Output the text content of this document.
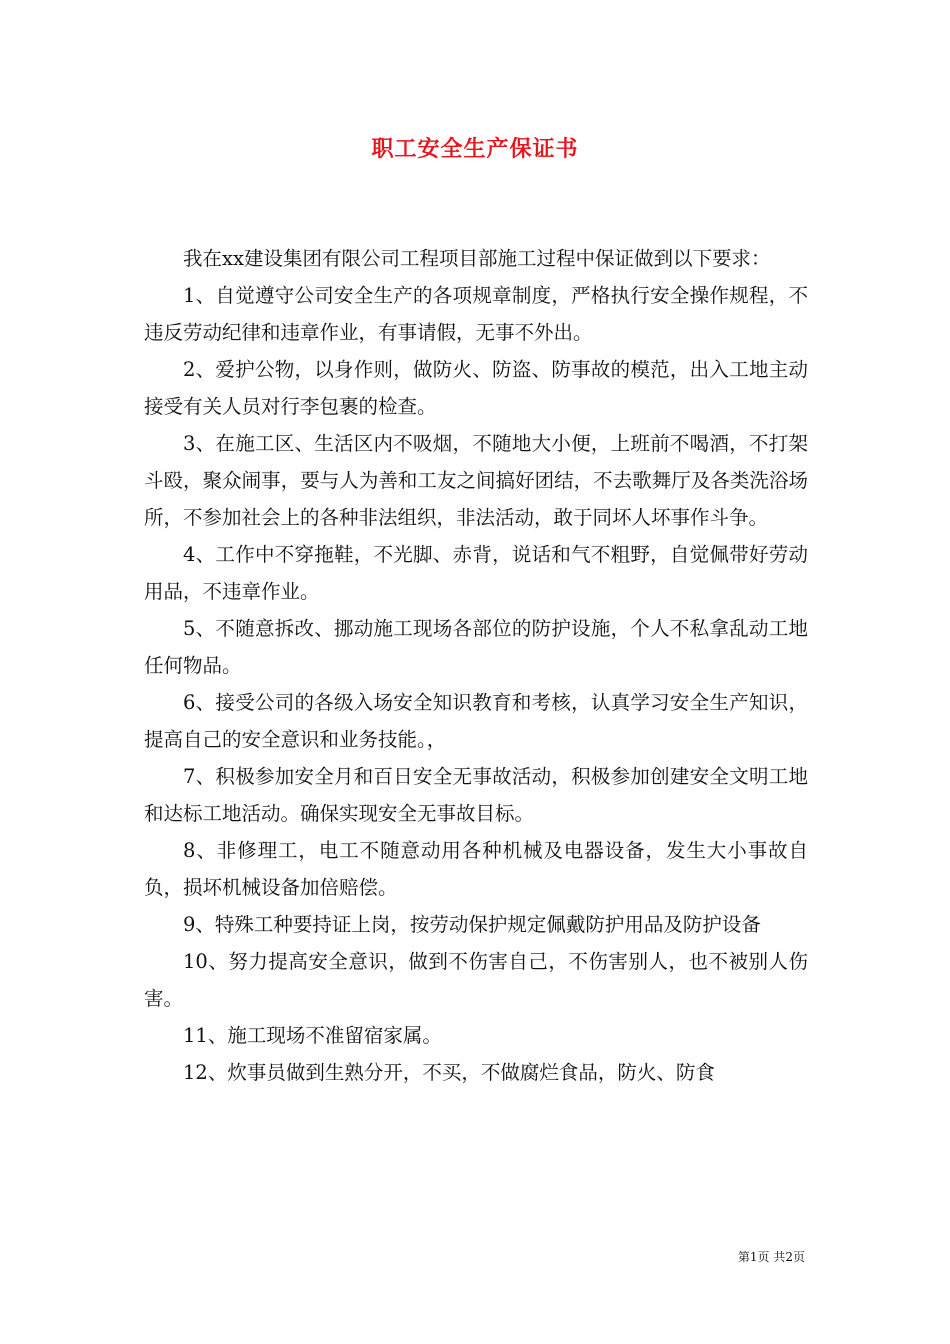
职工安全生产保证书

我在xx建设集团有限公司工程项目部施工过程中保证做到以下要求：

1、自觉遵守公司安全生产的各项规章制度，严格执行安全操作规程，不违反劳动纪律和违章作业，有事请假，无事不外出。

2、爱护公物，以身作则，做防火、防盗、防事故的模范，出入工地主动接受有关人员对行李包裹的检查。

3、在施工区、生活区内不吸烟，不随地大小便，上班前不喝酒，不打架斗殴，聚众闹事，要与人为善和工友之间搞好团结，不去歌舞厅及各类洗浴场所，不参加社会上的各种非法组织，非法活动，敢于同坏人坏事作斗争。

4、工作中不穿拖鞋，不光脚、赤背，说话和气不粗野，自觉佩带好劳动用品，不违章作业。

5、不随意拆改、挪动施工现场各部位的防护设施，个人不私拿乱动工地任何物品。

6、接受公司的各级入场安全知识教育和考核，认真学习安全生产知识，提高自己的安全意识和业务技能。，

7、积极参加安全月和百日安全无事故活动，积极参加创建安全文明工地和达标工地活动。确保实现安全无事故目标。

8、非修理工，电工不随意动用各种机械及电器设备，发生大小事故自负，损坏机械设备加倍赔偿。

9、特殊工种要持证上岗，按劳动保护规定佩戴防护用品及防护设备

10、努力提高安全意识，做到不伤害自己，不伤害别人，也不被别人伤害。

11、施工现场不准留宿家属。

12、炊事员做到生熟分开，不买，不做腐烂食品，防火、防食

第1页 共2页
